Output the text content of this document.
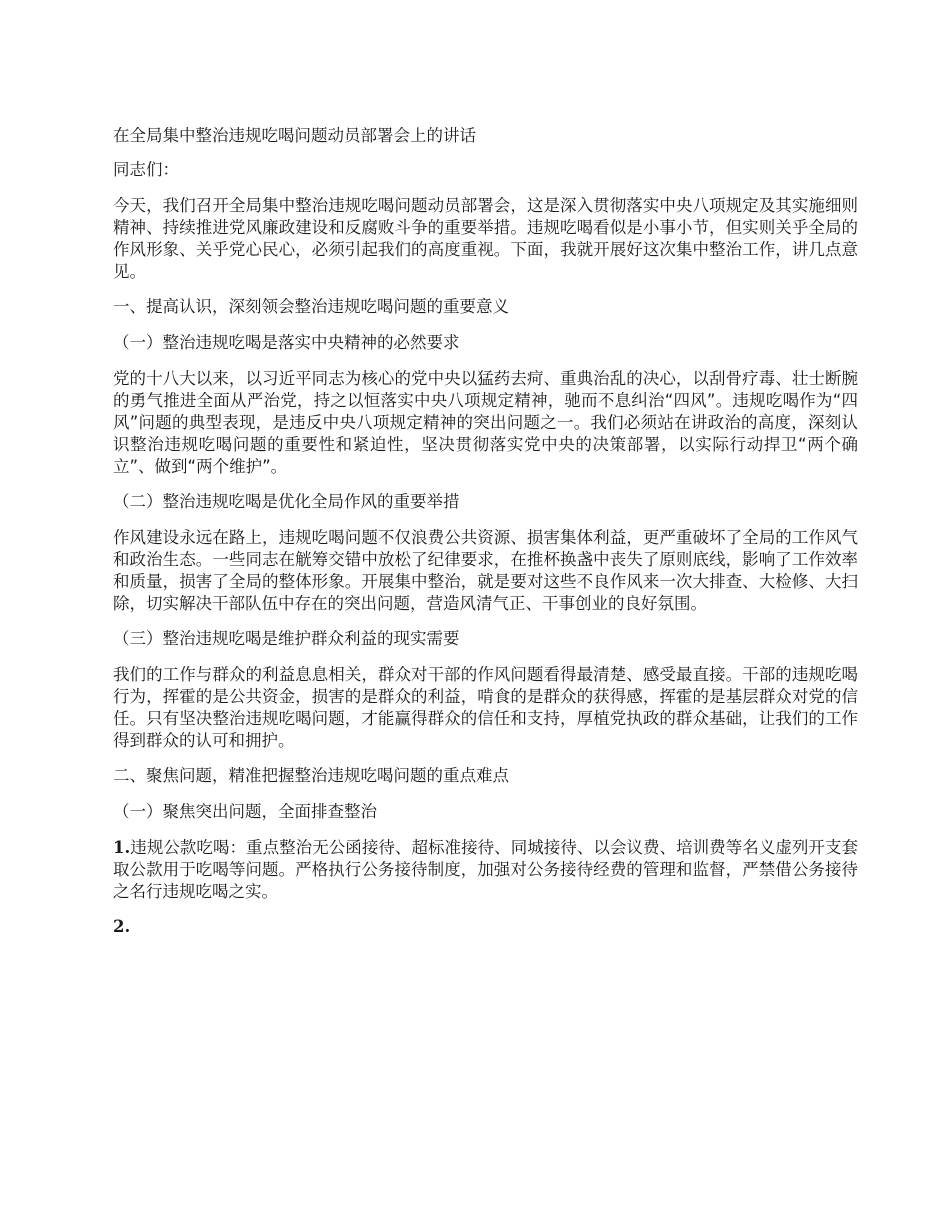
在全局集中整治违规吃喝问题动员部署会上的讲话

同志们：

今天，我们召开全局集中整治违规吃喝问题动员部署会，这是深入贯彻落实中央八项规定及其实施细则精神、持续推进党风廉政建设和反腐败斗争的重要举措。违规吃喝看似是小事小节，但实则关乎全局的作风形象、关乎党心民心，必须引起我们的高度重视。下面，我就开展好这次集中整治工作，讲几点意见。

一、提高认识，深刻领会整治违规吃喝问题的重要意义

（一）整治违规吃喝是落实中央精神的必然要求

党的十八大以来，以习近平同志为核心的党中央以猛药去疴、重典治乱的决心，以刮骨疗毒、壮士断腕的勇气推进全面从严治党，持之以恒落实中央八项规定精神，驰而不息纠治“四风”。违规吃喝作为“四风”问题的典型表现，是违反中央八项规定精神的突出问题之一。我们必须站在讲政治的高度，深刻认识整治违规吃喝问题的重要性和紧迫性，坚决贯彻落实党中央的决策部署，以实际行动捍卫“两个确立”、做到“两个维护”。

（二）整治违规吃喝是优化全局作风的重要举措

作风建设永远在路上，违规吃喝问题不仅浪费公共资源、损害集体利益，更严重破坏了全局的工作风气和政治生态。一些同志在觥筹交错中放松了纪律要求，在推杯换盏中丧失了原则底线，影响了工作效率和质量，损害了全局的整体形象。开展集中整治，就是要对这些不良作风来一次大排查、大检修、大扫除，切实解决干部队伍中存在的突出问题，营造风清气正、干事创业的良好氛围。

（三）整治违规吃喝是维护群众利益的现实需要

我们的工作与群众的利益息息相关，群众对干部的作风问题看得最清楚、感受最直接。干部的违规吃喝行为，挥霍的是公共资金，损害的是群众的利益，啃食的是群众的获得感，挥霍的是基层群众对党的信任。只有坚决整治违规吃喝问题，才能赢得群众的信任和支持，厚植党执政的群众基础，让我们的工作得到群众的认可和拥护。

二、聚焦问题，精准把握整治违规吃喝问题的重点难点

（一）聚焦突出问题，全面排查整治

1.违规公款吃喝：重点整治无公函接待、超标准接待、同城接待、以会议费、培训费等名义虚列开支套取公款用于吃喝等问题。严格执行公务接待制度，加强对公务接待经费的管理和监督，严禁借公务接待之名行违规吃喝之实。

2.
